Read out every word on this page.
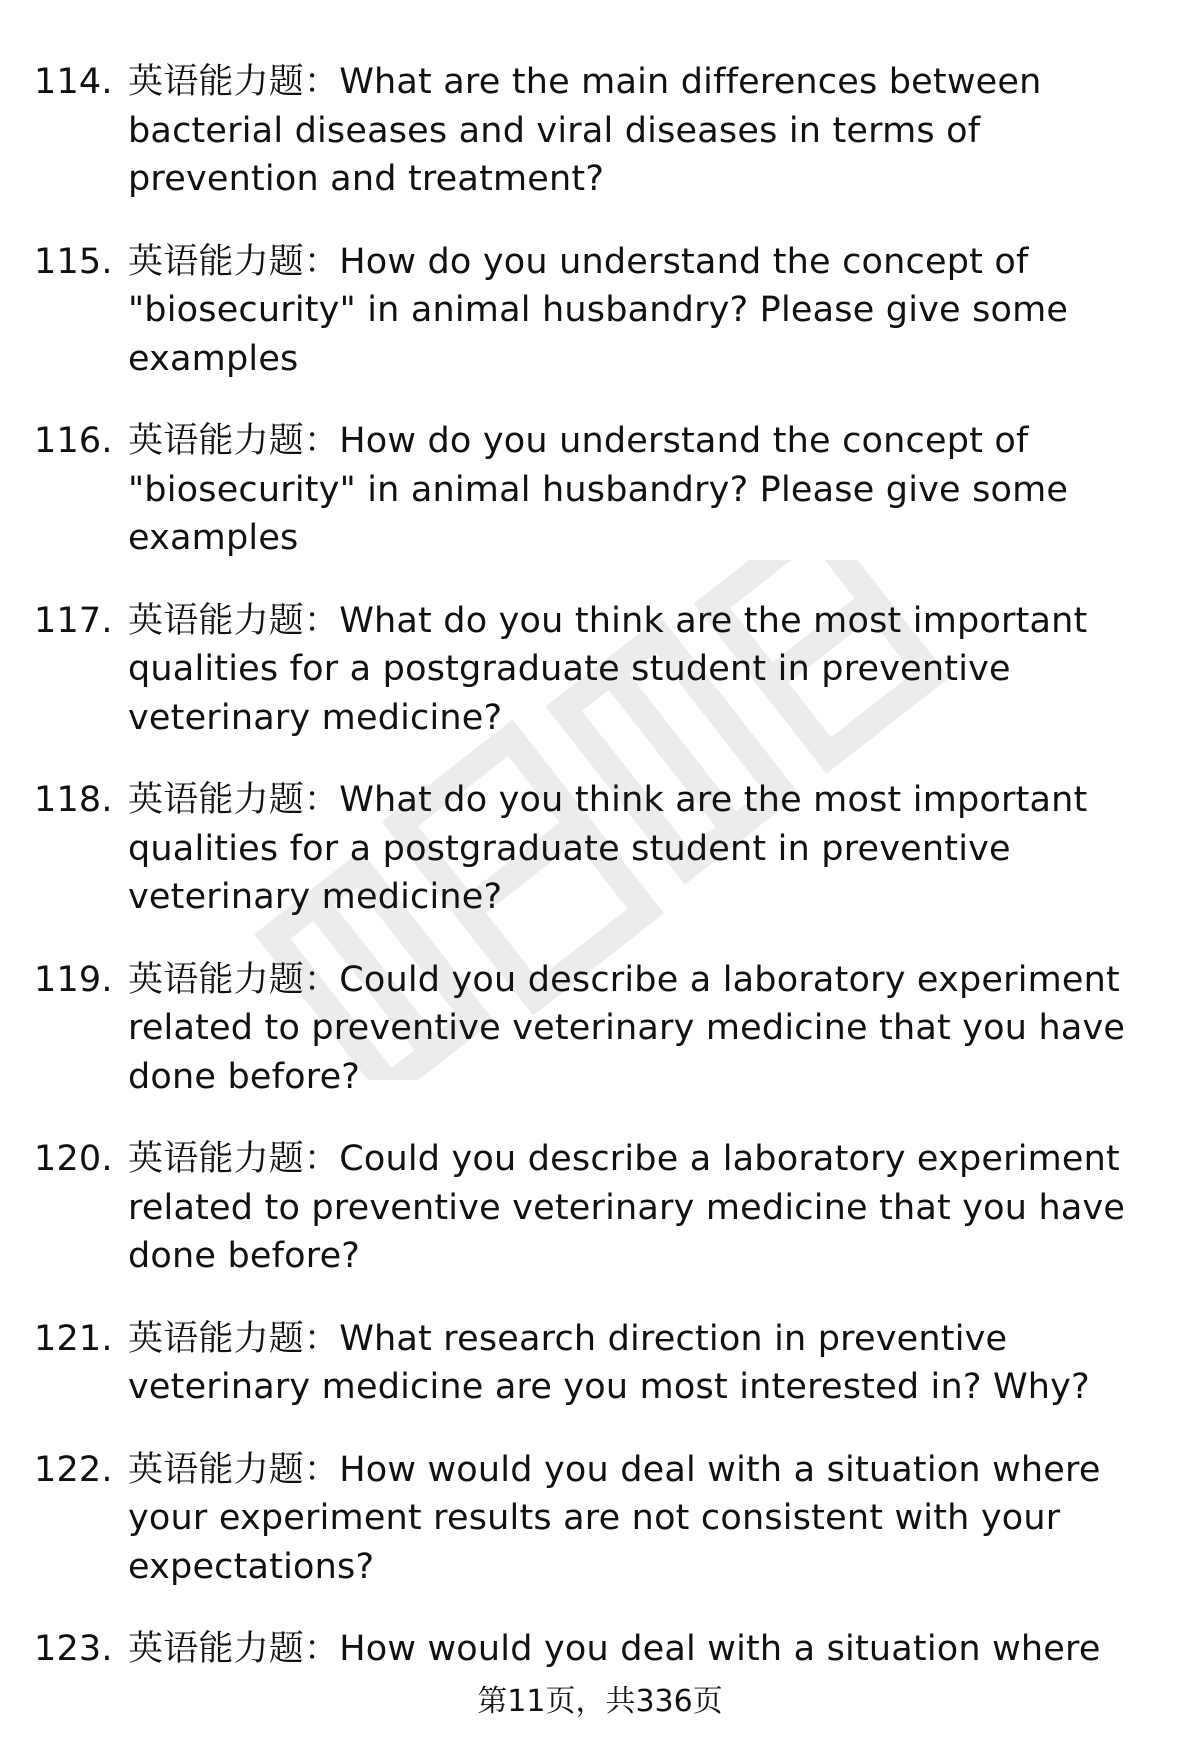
114. 英语能力题：What are the main differences between bacterial diseases and viral diseases in terms of prevention and treatment?
115. 英语能力题：How do you understand the concept of "biosecurity" in animal husbandry? Please give some examples
116. 英语能力题：How do you understand the concept of "biosecurity" in animal husbandry? Please give some examples
117. 英语能力题：What do you think are the most important qualities for a postgraduate student in preventive veterinary medicine?
118. 英语能力题：What do you think are the most important qualities for a postgraduate student in preventive veterinary medicine?
119. 英语能力题：Could you describe a laboratory experiment related to preventive veterinary medicine that you have done before?
120. 英语能力题：Could you describe a laboratory experiment related to preventive veterinary medicine that you have done before?
121. 英语能力题：What research direction in preventive veterinary medicine are you most interested in? Why?
122. 英语能力题：How would you deal with a situation where your experiment results are not consistent with your expectations?
123. 英语能力题：How would you deal with a situation where
第11页，共336页
